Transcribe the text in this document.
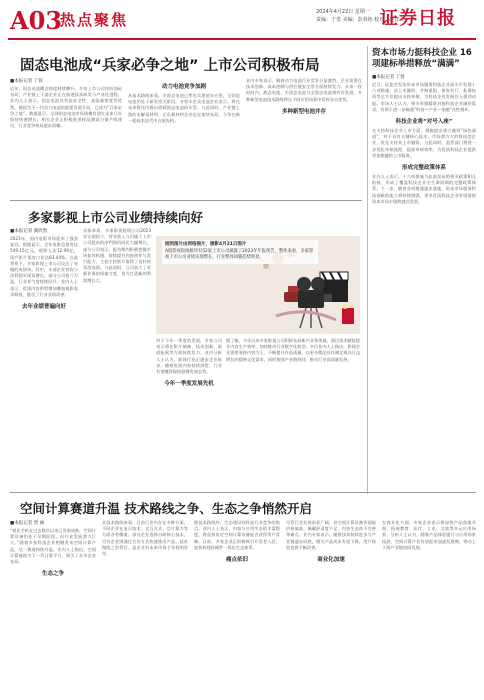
A03
热点聚焦	2024年4月22日 星期一
责编：于勇 美编：彭春艳 校对：赵智文
证券日报
固态电池成“兵家必争之地” 上市公司积极布局
■本报记者 丁蓉
近年，固态电池概念热度持续攀升，多家上市公司纷纷加码布局，产业链上下游企业正在加速技术研发与产业化进程。业内人士表示，固态电池具有高安全性、高能量密度等优势，被视为下一代动力电池的重要发展方向，已成为“兵家必争之地”。数据显示，全球固态电池市场规模有望在未来几年保持快速增长，相关企业正积极推进样品测试与量产线建设，行业竞争格局逐步清晰。
动力电池竞争加剧
从技术路线来看，半固态电池已率先实现装车应用，全固态电池仍处于研发攻关阶段。多家车企及电池企业表示，将在未来数年内推出搭载固态电池的车型。与此同时，产业链上游的电解质材料、正负极材料企业也在加快布局，力争在新一轮技术迭代中占据先机。
业内专家表示，随着动力电池行业竞争日益激烈，企业需要在技术创新、成本控制与供应链安全等方面持续发力。未来一段时间内，液态电池、半固态电池与全固态电池将并存发展，多种新型电池技术路线将在不同应用场景中发挥各自优势。
多种新型电池并存
资本市场力挺科技企业 16项建标举措释放“满满”
■本报记者 丁蓉
近日，证监会发布资本市场服务科技企业高水平发展十六项措施，从上市融资、并购重组、债券发行、私募投资等全方位提出支持举措，为科技企业发展注入强劲动能。市场人士认为，相关举措精准对接科技企业融资需求，有助于进一步畅通“科技—产业—金融”良性循环。
科技企业将“对号入座”
在支持科技企业上市方面，措施提出建立融资“绿色通道”，对于具有关键核心技术、市场潜力大的科技型企业，优先支持其上市融资。与此同时，监管部门将进一步优化审核流程，提高审核效率，为优质科技企业提供更加便捷的上市服务。
形成完整政策体系
业内人士表示，十六项措施与此前发布的相关政策相互衔接，形成了覆盖科技企业全生命周期的完整政策体系。下一步，随着各项措施逐步落地，资本市场服务科技创新的能力将持续增强，更多优质科技企业有望借助资本市场实现跨越式发展。
多家影视上市公司业绩持续向好
■本报记者 冀欣然
2023年，国内电影市场迎来了强劲复苏。数据显示，全年电影总票房达549.15亿元，观影人次12.99亿，国产影片票房占比达83.44%。在此背景下，多家影视上市公司交出了亮眼的成绩单。其中，头部企业营收与净利润实现双增长，部分公司扭亏为盈，行业景气度持续回升。业内人士表示，优质内容供给增加叠加观影需求释放，推动了行业业绩改善。
去年业绩普遍向好
具体来看，多家影视院线公司2023年实现扭亏，营业收入与归属于上市公司股东的净利润均同比大幅增长。部分公司表示，报告期内积极把握市场复苏机遇，持续提升内容创作与发行能力，主投主控影片取得了良好的票房成绩。与此同时，公司加大了对新业务的探索力度，努力打造新的利润增长点。
刚到图片由网络图片，摄影4月21日图片
A股影视院线板块有52家上市公司披露了2023年年报预告，整体来看，多家影视上市公司业绩实现增长，行业整体回暖趋势明显。
对于今年一季度的发展，多家公司表示将在影片储备、技术创新、渠道拓展等方面持续发力。业内分析人士认为，影视行业正逐步走出低谷，随着优质内容持续供给，行业有望继续保持稳健发展态势。
今年一季度发展先机
据了解，今年以来多家影视公司积极布局新兴业务领域，通过技术赋能提升内容生产效率，加快推动行业数字化转型。多位业内人士指出，影视企业需要坚持内容为王，不断提升作品质量，以更多精品佳作满足观众日益增长的精神文化需求，同时加强产业链协同，推动行业高质量发展。
空间计算赛道升温 技术路线之争、生态之争悄然开启
■本报记者 贾 丽
“相比手机在过去数年以来已发展成熟，空间计算设备仍处于早期阶段，但行业发展潜力巨大。”随着多家科技企业相继发布空间计算产品，这一赛道持续升温。业内人士指出，空间计算被视为下一代计算平台，吸引了众多企业布局。
生态之争
从技术路线来看，目前行业内存在多种方案，不同企业在显示技术、交互方式、芯片算力等方面各有侧重。部分企业选择自研核心技术，另有企业则通过合作方式快速推出产品。技术路线之争背后，是企业对未来市场主导权的争夺。
除技术路线外，生态建设同样是行业竞争的焦点。业内人士表示，内容与应用生态的丰富程度，将直接决定空间计算设备能否获得用户青睐。目前，多家企业正积极吸引开发者入驻，加快构建软硬件一体化生态体系。
痛点依旧
尽管行业发展前景广阔，但空间计算设备仍面临价格偏高、佩戴舒适度不足、内容生态尚不完善等痛点。业内专家表示，随着技术持续进步与产业链逐步成熟，相关产品成本有望下降，用户体验也将不断改善。
商业化加速
在商业化方面，多家企业表示将加快产品落地节奏，拓展教育、医疗、工业、文旅等多元应用场景。分析人士认为，随着产品体验提升与应用场景拓展，空间计算产业有望迎来加速发展期，带动上下游产业链协同发展。
